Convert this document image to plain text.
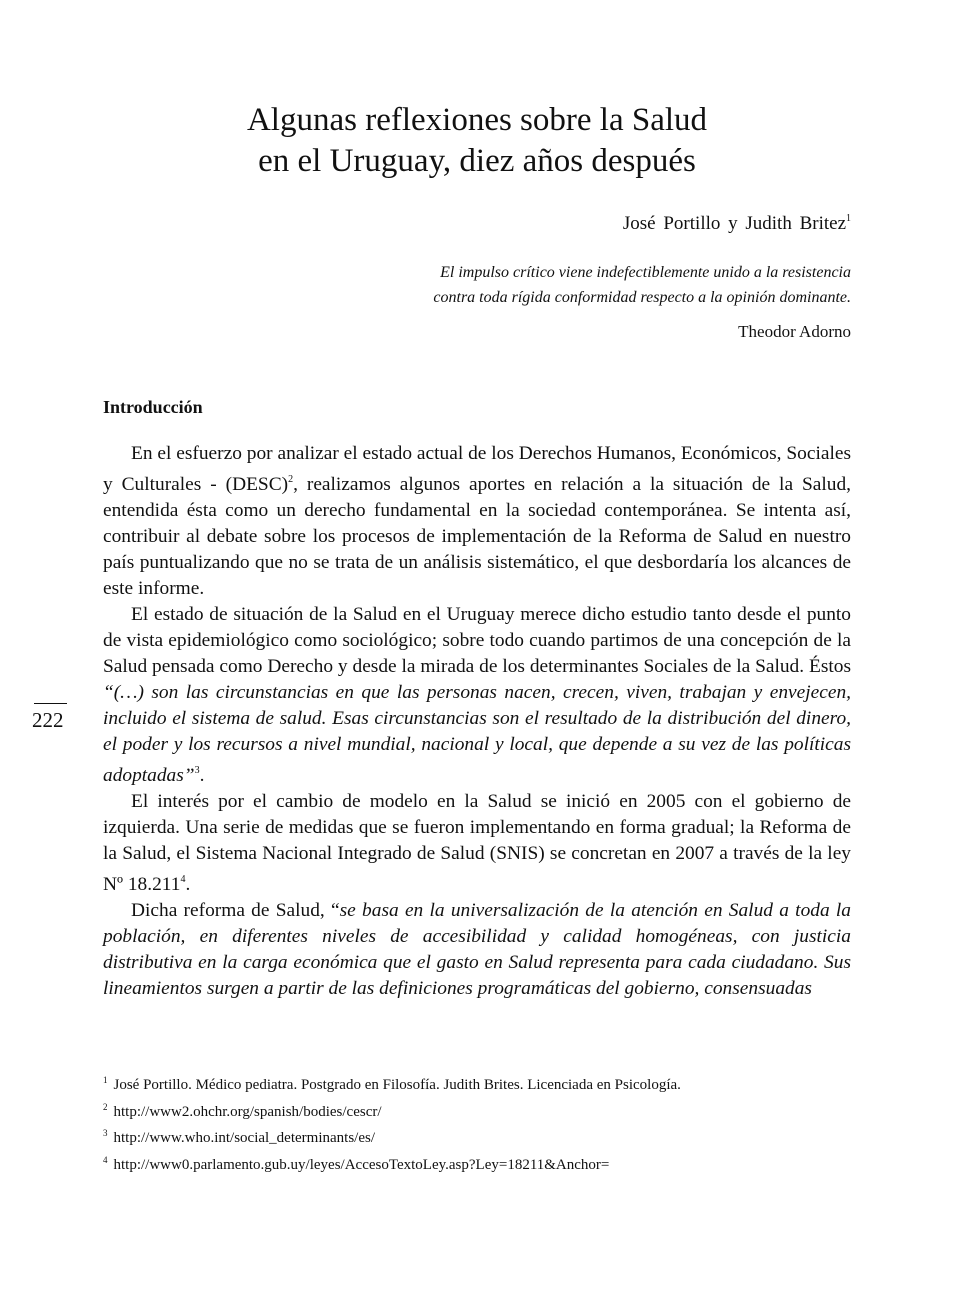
Algunas reflexiones sobre la Salud
en el Uruguay, diez años después
José Portillo y Judith Britez$^1$
El impulso crítico viene indefectiblemente unido a la resistencia
contra toda rígida conformidad respecto a la opinión dominante.
Theodor Adorno
Introducción

En el esfuerzo por analizar el estado actual de los Derechos Humanos, Económicos, Sociales y Culturales - (DESC)$^2$, realizamos algunos aportes en relación a la situación de la Salud, entendida ésta como un derecho fundamental en la sociedad contemporánea. Se intenta así, contribuir al debate sobre los procesos de implementación de la Reforma de Salud en nuestro país puntualizando que no se trata de un análisis sistemático, el que desbordaría los alcances de este informe.

El estado de situación de la Salud en el Uruguay merece dicho estudio tanto desde el punto de vista epidemiológico como sociológico; sobre todo cuando partimos de una concepción de la Salud pensada como Derecho y desde la mirada de los determinantes Sociales de la Salud. Éstos “(…) son las circunstancias en que las personas nacen, crecen, viven, trabajan y envejecen, incluido el sistema de salud. Esas circunstancias son el resultado de la distribución del dinero, el poder y los recursos a nivel mundial, nacional y local, que depende a su vez de las políticas adoptadas”$^3$.

El interés por el cambio de modelo en la Salud se inició en 2005 con el gobierno de izquierda. Una serie de medidas que se fueron implementando en forma gradual; la Reforma de la Salud, el Sistema Nacional Integrado de Salud (SNIS) se concretan en 2007 a través de la ley Nº 18.211$^4$.

Dicha reforma de Salud, “se basa en la universalización de la atención en Salud a toda la población, en diferentes niveles de accesibilidad y calidad homogéneas, con justicia distributiva en la carga económica que el gasto en Salud representa para cada ciudadano. Sus lineamientos surgen a partir de las definiciones programáticas del gobierno, consensuadas

222
$^1$ José Portillo. Médico pediatra. Postgrado en Filosofía. Judith Brites. Licenciada en Psicología.
$^2$ http://www2.ohchr.org/spanish/bodies/cescr/
$^3$ http://www.who.int/social_determinants/es/
$^4$ http://www0.parlamento.gub.uy/leyes/AccesoTextoLey.asp?Ley=18211&Anchor=
